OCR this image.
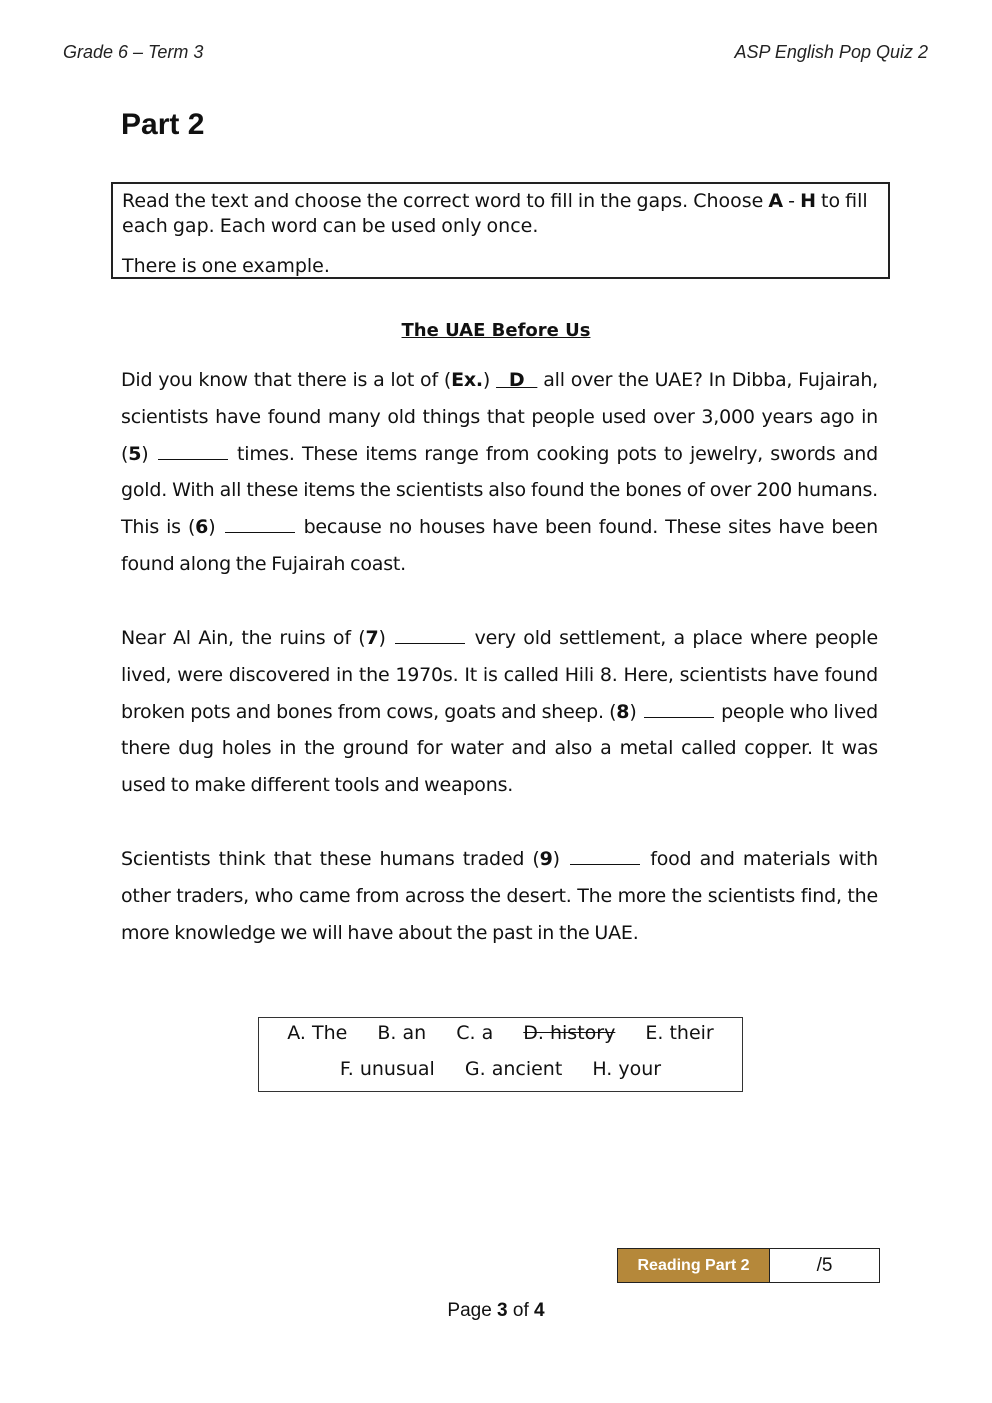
Grade 6 – Term 3	ASP English Pop Quiz 2
Part 2

Read the text and choose the correct word to fill in the gaps. Choose A - H to fill each gap. Each word can be used only once.

There is one example.

The UAE Before Us

Did you know that there is a lot of (Ex.)   D   all over the UAE? In Dibba, Fujairah, scientists have found many old things that people used over 3,000 years ago in (5)	times. These items range from cooking pots to jewelry, swords and gold. With all these items the scientists also found the bones of over 200 humans. This is (6)	because no houses have been found. These sites have been found along the Fujairah coast.

Near Al Ain, the ruins of (7)	very old settlement, a place where people lived, were discovered in the 1970s. It is called Hili 8. Here, scientists have found broken pots and bones from cows, goats and sheep. (8)	people who lived there dug holes in the ground for water and also a metal called copper. It was used to make different tools and weapons.

Scientists think that these humans traded (9)	food and materials with other traders, who came from across the desert. The more the scientists find, the more knowledge we will have about the past in the UAE.

A. The B. an C. a D. history E. their
F. unusual G. ancient H. your
Reading Part 2	/5
Page 3 of 4
